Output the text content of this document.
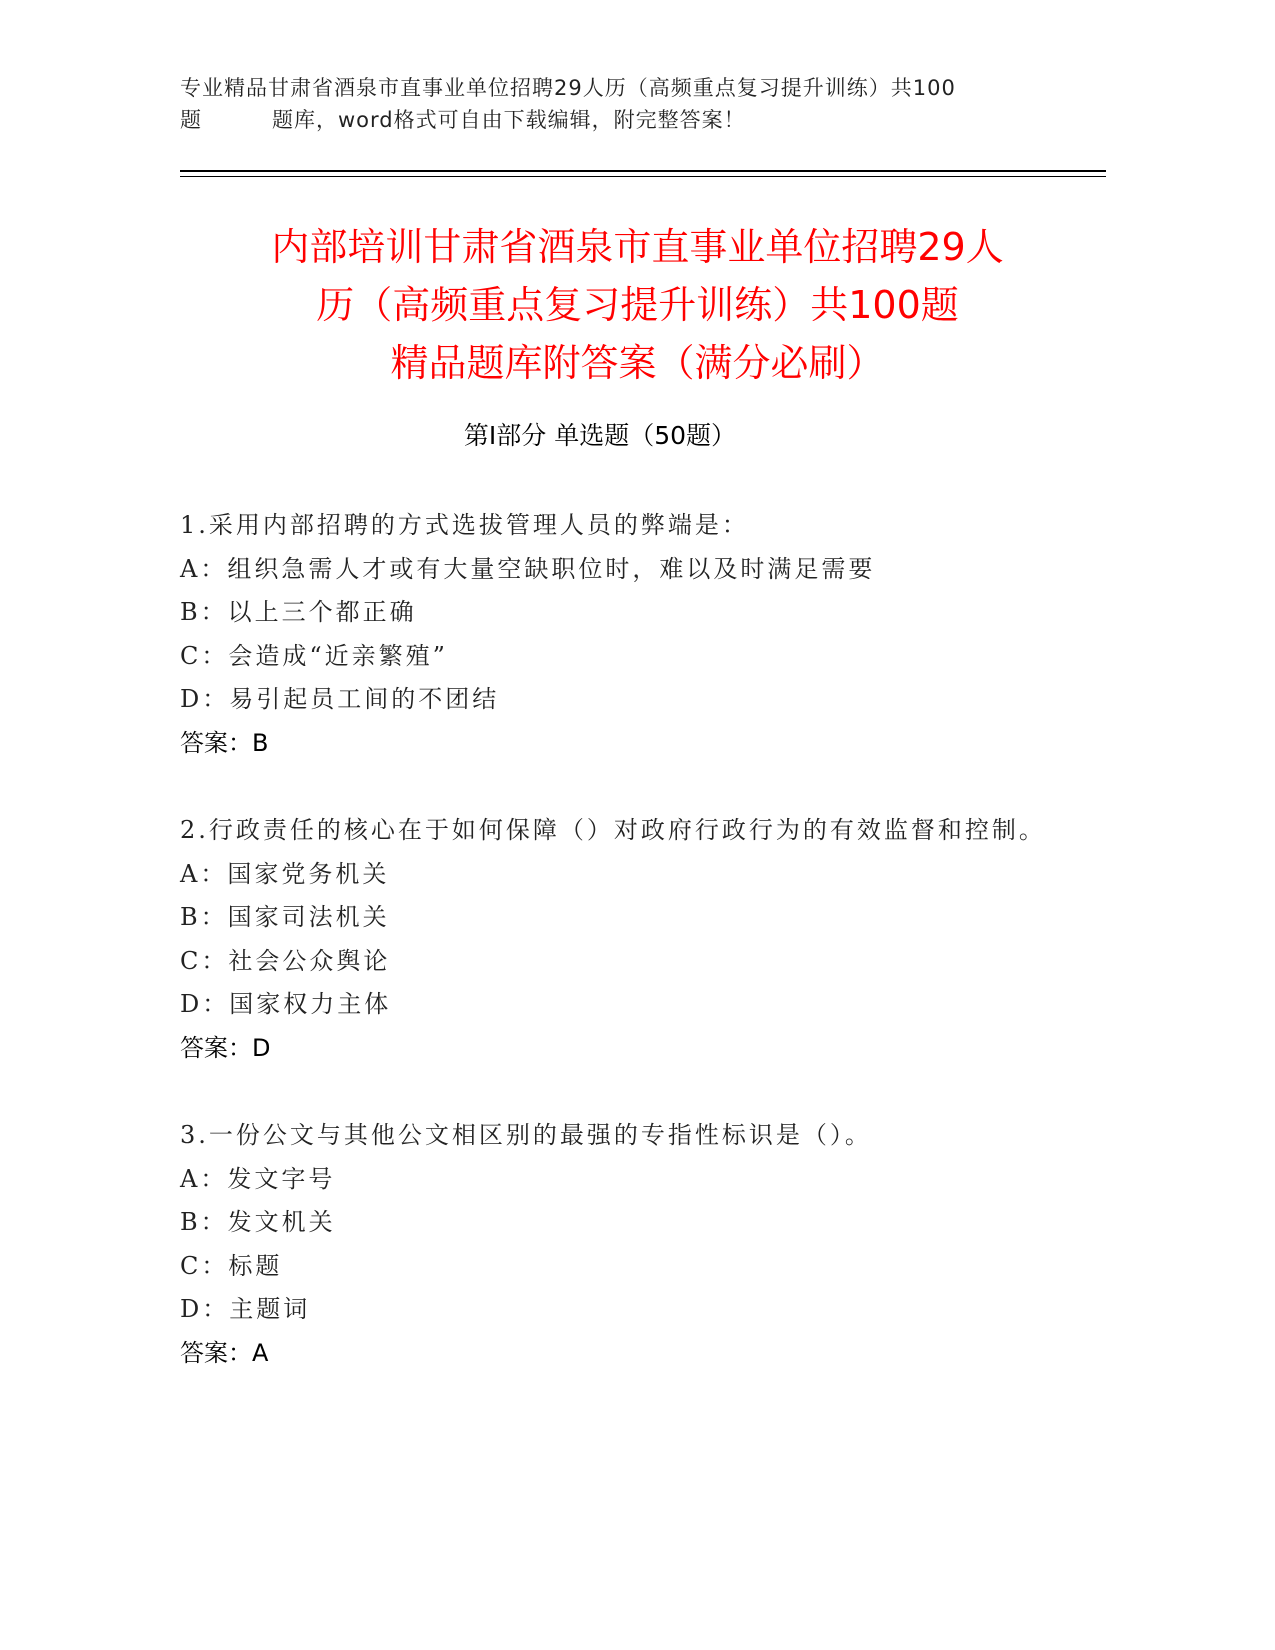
专业精品甘肃省酒泉市直事业单位招聘29人历（高频重点复习提升训练）共100
题	题库，word格式可自由下载编辑，附完整答案！
内部培训甘肃省酒泉市直事业单位招聘29人
历（高频重点复习提升训练）共100题
精品题库附答案（满分必刷）
第I部分 单选题（50题）

1.采用内部招聘的方式选拔管理人员的弊端是：

A：组织急需人才或有大量空缺职位时，难以及时满足需要

B：以上三个都正确

C：会造成“近亲繁殖”

D：易引起员工间的不团结

答案：B

2.行政责任的核心在于如何保障（）对政府行政行为的有效监督和控制。

A：国家党务机关

B：国家司法机关

C：社会公众舆论

D：国家权力主体

答案：D

3.一份公文与其他公文相区别的最强的专指性标识是（）。

A：发文字号

B：发文机关

C：标题

D：主题词

答案：A
